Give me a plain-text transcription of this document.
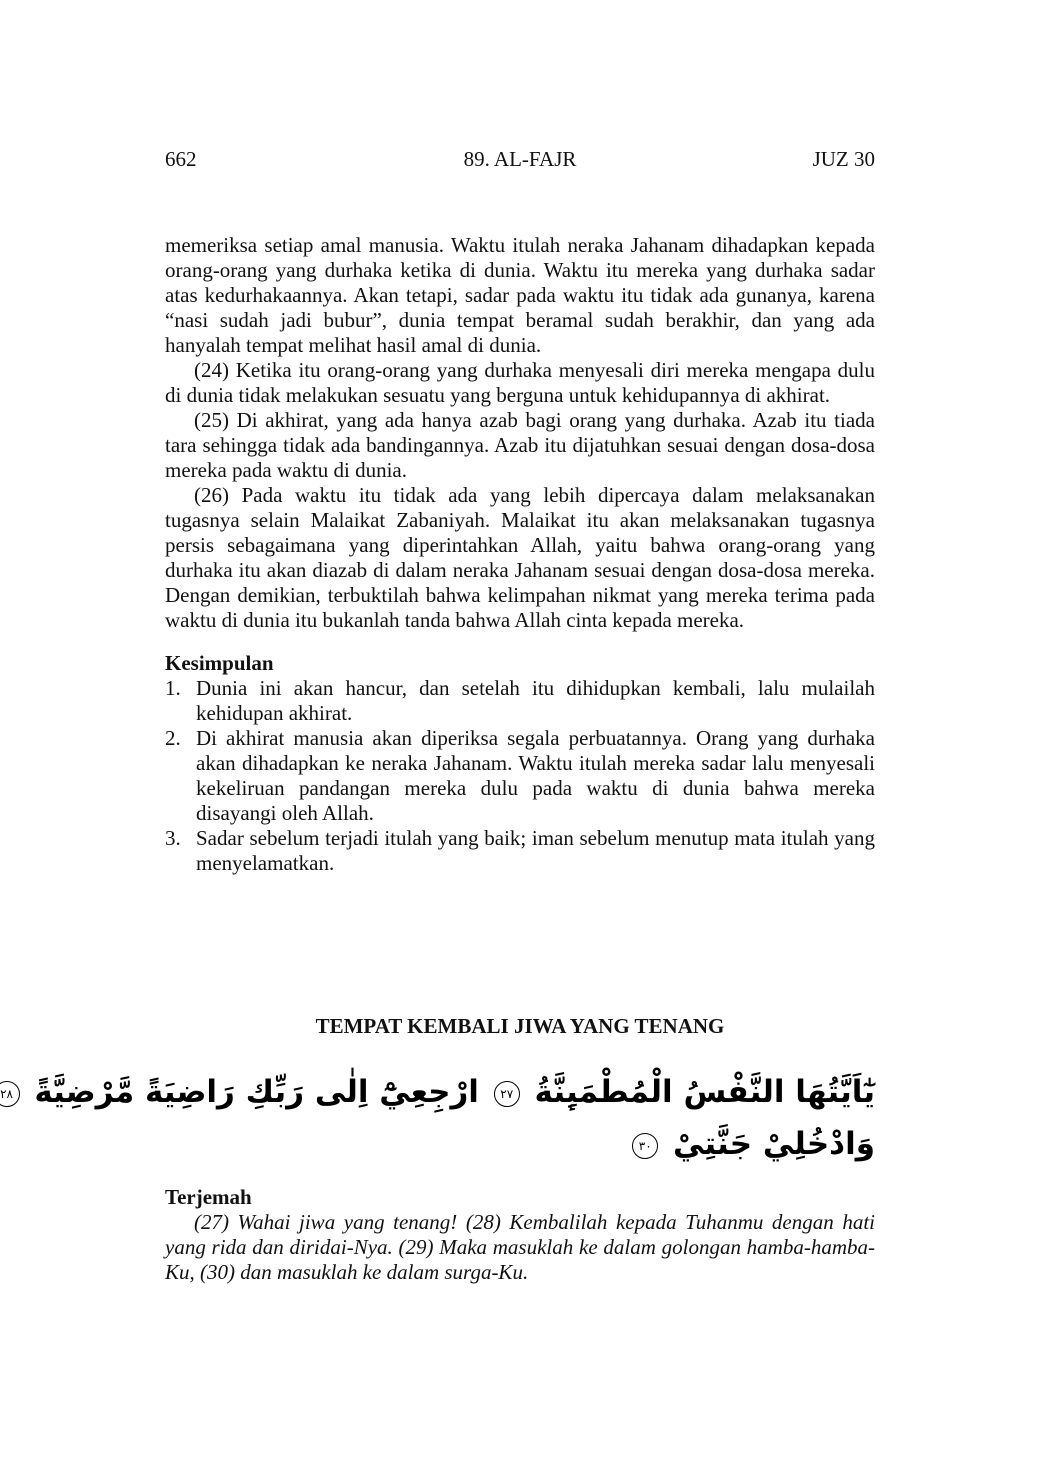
662	89. AL-FAJR	JUZ 30

memeriksa setiap amal manusia. Waktu itulah neraka Jahanam dihadapkan kepada orang-orang yang durhaka ketika di dunia. Waktu itu mereka yang durhaka sadar atas kedurhakaannya. Akan tetapi, sadar pada waktu itu tidak ada gunanya, karena “nasi sudah jadi bubur”, dunia tempat beramal sudah berakhir, dan yang ada hanyalah tempat melihat hasil amal di dunia.

(24) Ketika itu orang-orang yang durhaka menyesali diri mereka mengapa dulu di dunia tidak melakukan sesuatu yang berguna untuk kehidupannya di akhirat.

(25) Di akhirat, yang ada hanya azab bagi orang yang durhaka. Azab itu tiada tara sehingga tidak ada bandingannya. Azab itu dijatuhkan sesuai dengan dosa-dosa mereka pada waktu di dunia.

(26) Pada waktu itu tidak ada yang lebih dipercaya dalam melaksanakan tugasnya selain Malaikat Zabaniyah. Malaikat itu akan melaksanakan tugasnya persis sebagaimana yang diperintahkan Allah, yaitu bahwa orang-orang yang durhaka itu akan diazab di dalam neraka Jahanam sesuai dengan dosa-dosa mereka. Dengan demikian, terbuktilah bahwa kelimpahan nikmat yang mereka terima pada waktu di dunia itu bukanlah tanda bahwa Allah cinta kepada mereka.

Kesimpulan
1. Dunia ini akan hancur, dan setelah itu dihidupkan kembali, lalu mulailah kehidupan akhirat.
2. Di akhirat manusia akan diperiksa segala perbuatannya. Orang yang durhaka akan dihadapkan ke neraka Jahanam. Waktu itulah mereka sadar lalu menyesali kekeliruan pandangan mereka dulu pada waktu di dunia bahwa mereka disayangi oleh Allah.
3. Sadar sebelum terjadi itulah yang baik; iman sebelum menutup mata itulah yang menyelamatkan.
TEMPAT KEMBALI JIWA YANG TENANG
يٰٓاَيَّتُهَا النَّفْسُ الْمُطْمَىِٕنَّةُ ٢٧ ارْجِعِيْٓ اِلٰى رَبِّكِ رَاضِيَةً مَّرْضِيَّةً ٢٨
وَادْخُلِيْ جَنَّتِيْ ٣٠
Terjemah

(27) Wahai jiwa yang tenang! (28) Kembalilah kepada Tuhanmu dengan hati yang rida dan diridai-Nya. (29) Maka masuklah ke dalam golongan hamba-hamba-Ku, (30) dan masuklah ke dalam surga-Ku.
